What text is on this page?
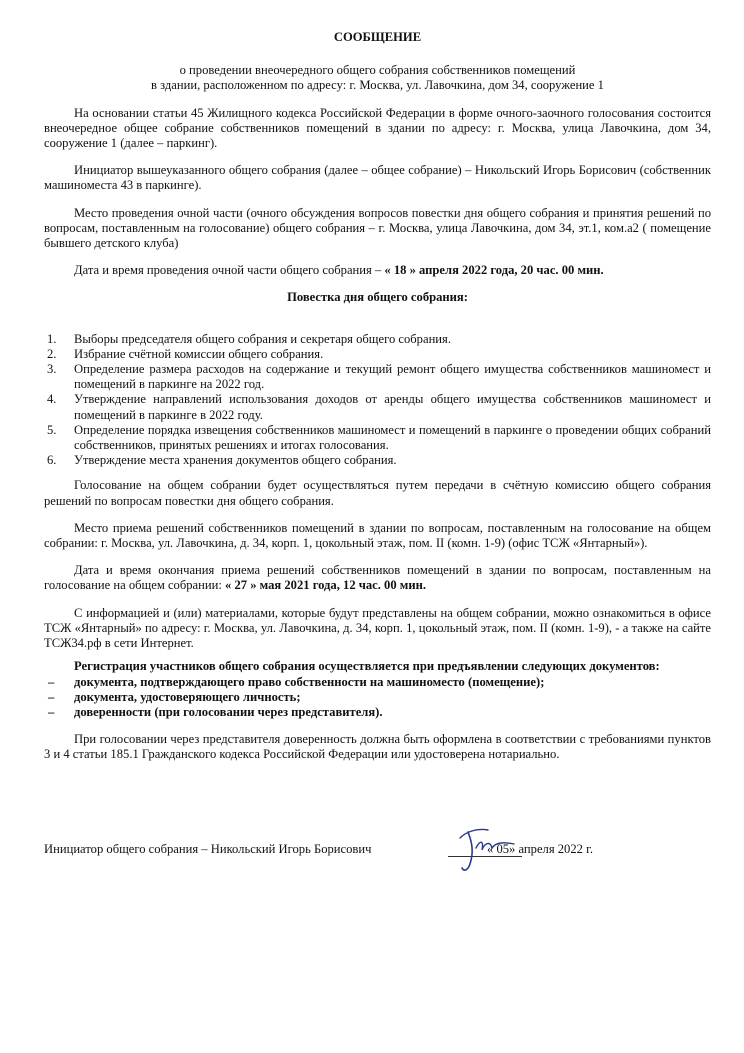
СООБЩЕНИЕ
о проведении внеочередного общего собрания собственников помещений
в здании, расположенном по адресу: г. Москва, ул. Лавочкина, дом 34, сооружение 1

На основании статьи 45 Жилищного кодекса Российской Федерации в форме очного-заочного голосования состоится внеочередное общее собрание собственников помещений в здании по адресу: г. Москва, улица Лавочкина, дом 34, сооружение 1 (далее – паркинг).

Инициатор вышеуказанного общего собрания (далее – общее собрание) – Никольский Игорь Борисович (собственник машиноместа 43 в паркинге).

Место проведения очной части (очного обсуждения вопросов повестки дня общего собрания и принятия решений по вопросам, поставленным на голосование) общего собрания – г. Москва, улица Лавочкина, дом 34, эт.1, ком.а2 ( помещение бывшего детского клуба)

Дата и время проведения очной части общего собрания – « 18 » апреля 2022 года, 20 час. 00 мин.

Повестка дня общего собрания:
1. Выборы председателя общего собрания и секретаря общего собрания.
2. Избрание счётной комиссии общего собрания.
3. Определение размера расходов на содержание и текущий ремонт общего имущества собственников машиномест и помещений в паркинге на 2022 год.
4. Утверждение направлений использования доходов от аренды общего имущества собственников машиномест и помещений в паркинге в 2022 году.
5. Определение порядка извещения собственников машиномест и помещений в паркинге о проведении общих собраний собственников, принятых решениях и итогах голосования.
6. Утверждение места хранения документов общего собрания.

Голосование на общем собрании будет осуществляться путем передачи в счётную комиссию общего собрания решений по вопросам повестки дня общего собрания.

Место приема решений собственников помещений в здании по вопросам, поставленным на голосование на общем собрании: г. Москва, ул. Лавочкина, д. 34, корп. 1, цокольный этаж, пом. II (комн. 1-9) (офис ТСЖ «Янтарный»).

Дата и время окончания приема решений собственников помещений в здании по вопросам, поставленным на голосование на общем собрании: « 27 » мая 2021 года, 12 час. 00 мин.

С информацией и (или) материалами, которые будут представлены на общем собрании, можно ознакомиться в офисе ТСЖ «Янтарный» по адресу: г. Москва, ул. Лавочкина, д. 34, корп. 1, цокольный этаж, пом. II (комн. 1-9), - а также на сайте ТСЖ34.рф в сети Интернет.

Регистрация участников общего собрания осуществляется при предъявлении следующих документов:

– документа, подтверждающего право собственности на машиноместо (помещение);
– документа, удостоверяющего личность;
– доверенности (при голосовании через представителя).

При голосовании через представителя доверенность должна быть оформлена в соответствии с требованиями пунктов 3 и 4 статьи 185.1 Гражданского кодекса Российской Федерации или удостоверена нотариально.

Инициатор общего собрания – Никольский Игорь Борисович	« 05» апреля 2022 г.
